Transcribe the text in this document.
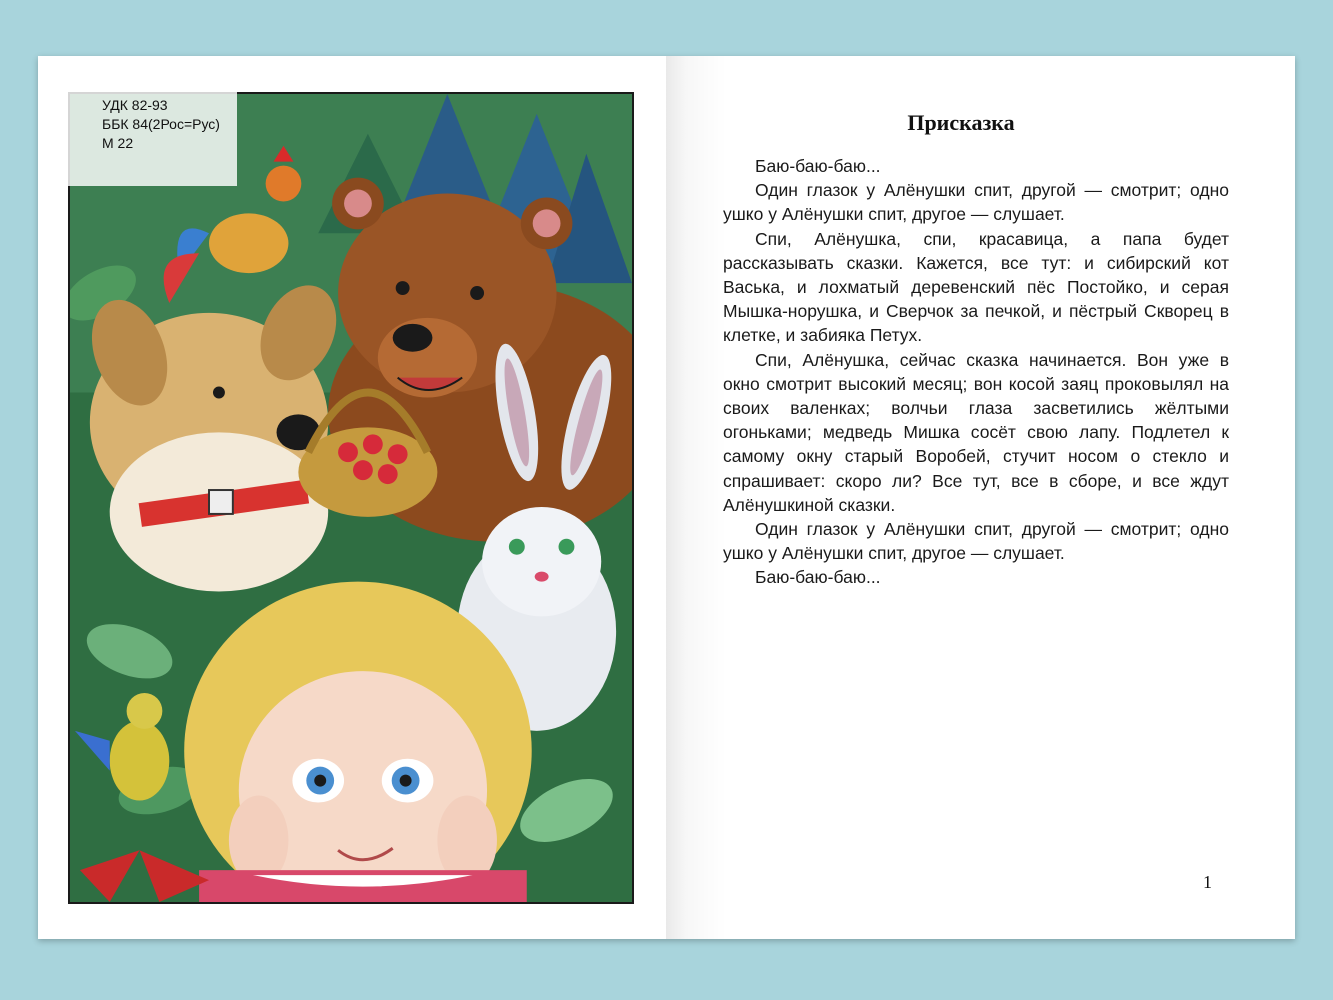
УДК 82-93
ББК 84(2Рос=Рус)
М 22
Присказка

Баю-баю-баю...

Один глазок у Алёнушки спит, другой — смотрит; одно ушко у Алёнушки спит, другое — слушает.

Спи, Алёнушка, спи, красавица, а папа будет рассказывать сказки. Кажется, все тут: и сибирский кот Васька, и лохматый деревенский пёс Постойко, и серая Мышка-норушка, и Сверчок за печкой, и пёстрый Скворец в клетке, и забияка Петух.

Спи, Алёнушка, сейчас сказка начинается. Вон уже в окно смотрит высокий месяц; вон косой заяц проковылял на своих валенках; волчьи глаза засветились жёлтыми огоньками; медведь Мишка сосёт свою лапу. Подлетел к самому окну старый Воробей, стучит носом о стекло и спрашивает: скоро ли? Все тут, все в сборе, и все ждут Алёнушкиной сказки.

Один глазок у Алёнушки спит, другой — смотрит; одно ушко у Алёнушки спит, другое — слушает.

Баю-баю-баю...

1
